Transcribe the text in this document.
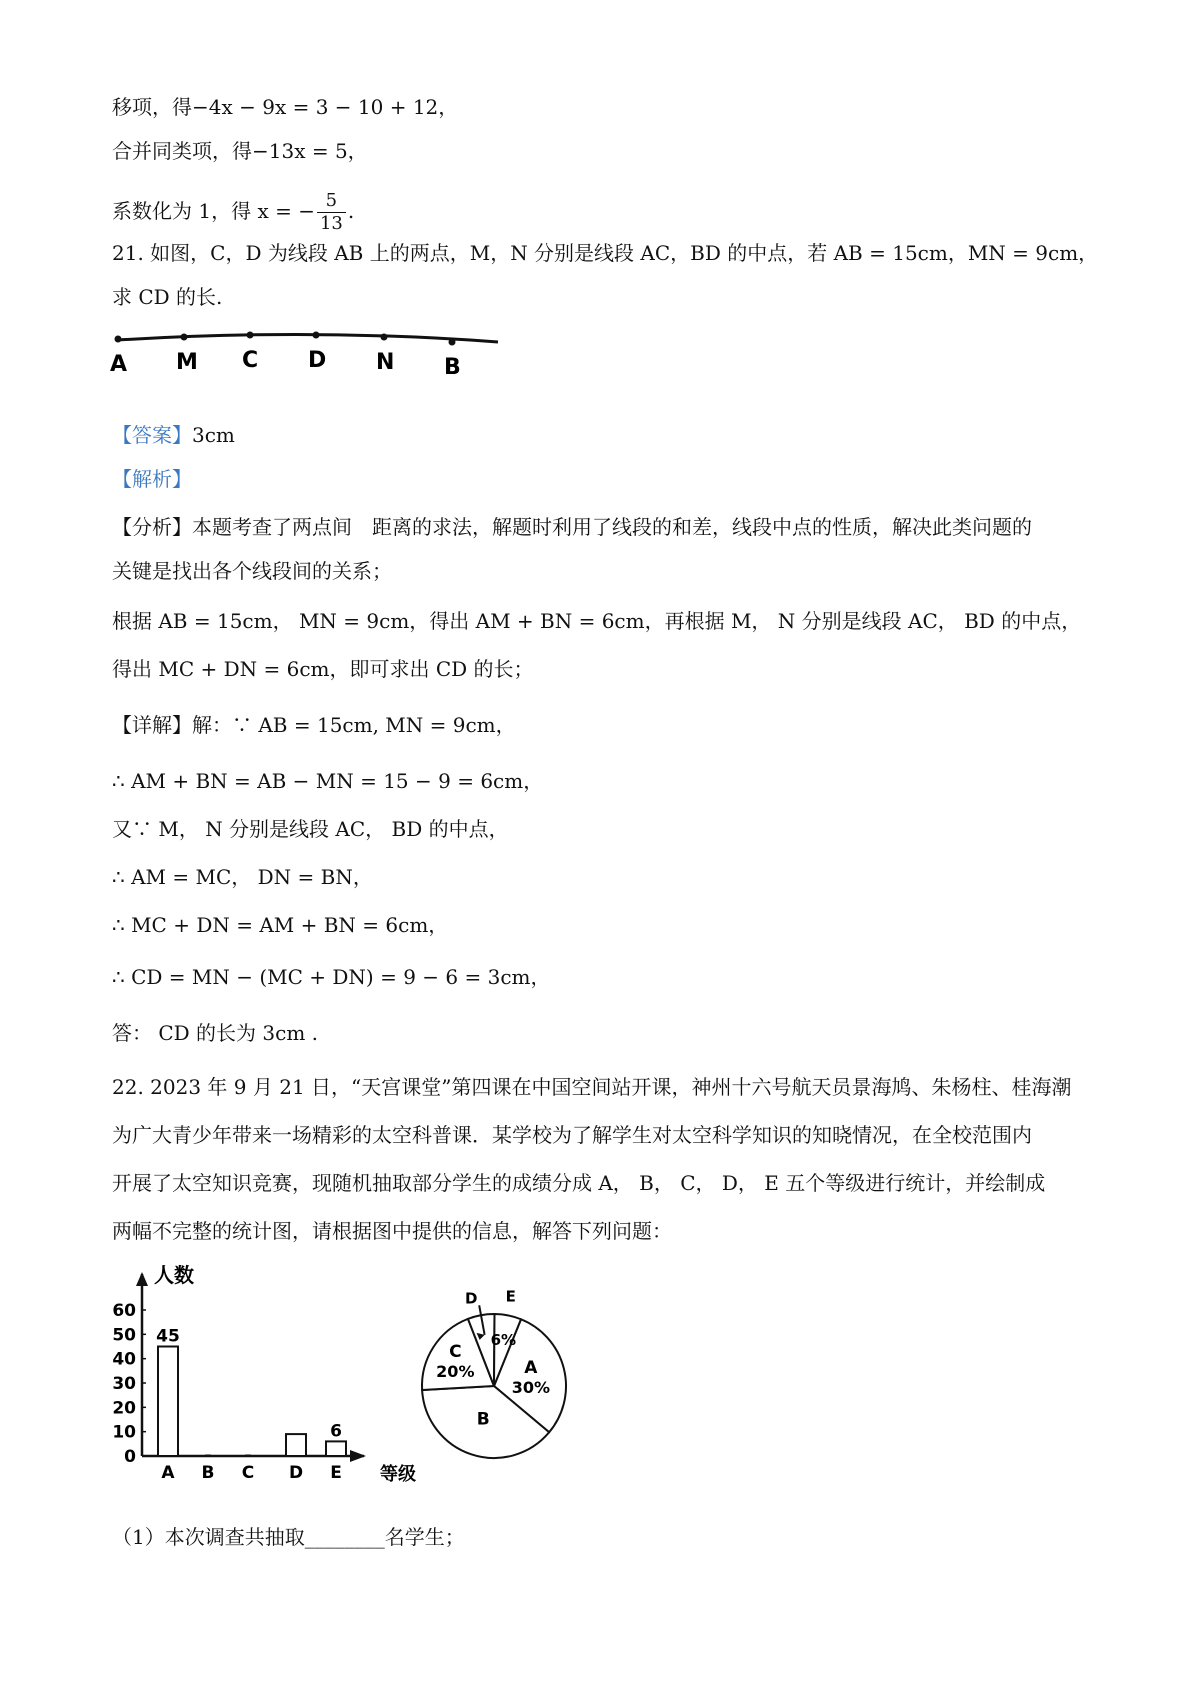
移项，得−4x − 9x = 3 − 10 + 12，
合并同类项，得−13x = 5，
系数化为 1，得 x = − $\frac{5}{13}$ .
21. 如图，C，D 为线段 AB 上的两点，M，N 分别是线段 AC，BD 的中点，若 AB = 15cm，MN = 9cm，
求 CD 的长.
A M C D N B
【答案】3cm
【解析】
【分析】本题考查了两点间　距离的求法，解题时利用了线段的和差，线段中点的性质，解决此类问题的
关键是找出各个线段间的关系；
根据 AB = 15cm， MN = 9cm，得出 AM + BN = 6cm，再根据 M， N 分别是线段 AC， BD 的中点，
得出 MC + DN = 6cm，即可求出 CD 的长；
【详解】解：∵ AB = 15cm, MN = 9cm，
∴ AM + BN = AB − MN = 15 − 9 = 6cm，
又∵ M， N 分别是线段 AC， BD 的中点，
∴ AM = MC， DN = BN，
∴ MC + DN = AM + BN = 6cm，
∴ CD = MN − (MC + DN) = 9 − 6 = 3cm，
答： CD 的长为 3cm .
22. 2023 年 9 月 21 日，“天宫课堂”第四课在中国空间站开课，神州十六号航天员景海鸠、朱杨柱、桂海潮
为广大青少年带来一场精彩的太空科普课．某学校为了解学生对太空科学知识的知晓情况，在全校范围内
开展了太空知识竞赛，现随机抽取部分学生的成绩分成 A， B， C， D， E 五个等级进行统计，并绘制成
两幅不完整的统计图，请根据图中提供的信息，解答下列问题：
人数
等级
0
10
20
30
40
50
60
A
45
B C D E
6
A
30%
B
C
20%
6%
E
D
（1）本次调查共抽取________名学生；
